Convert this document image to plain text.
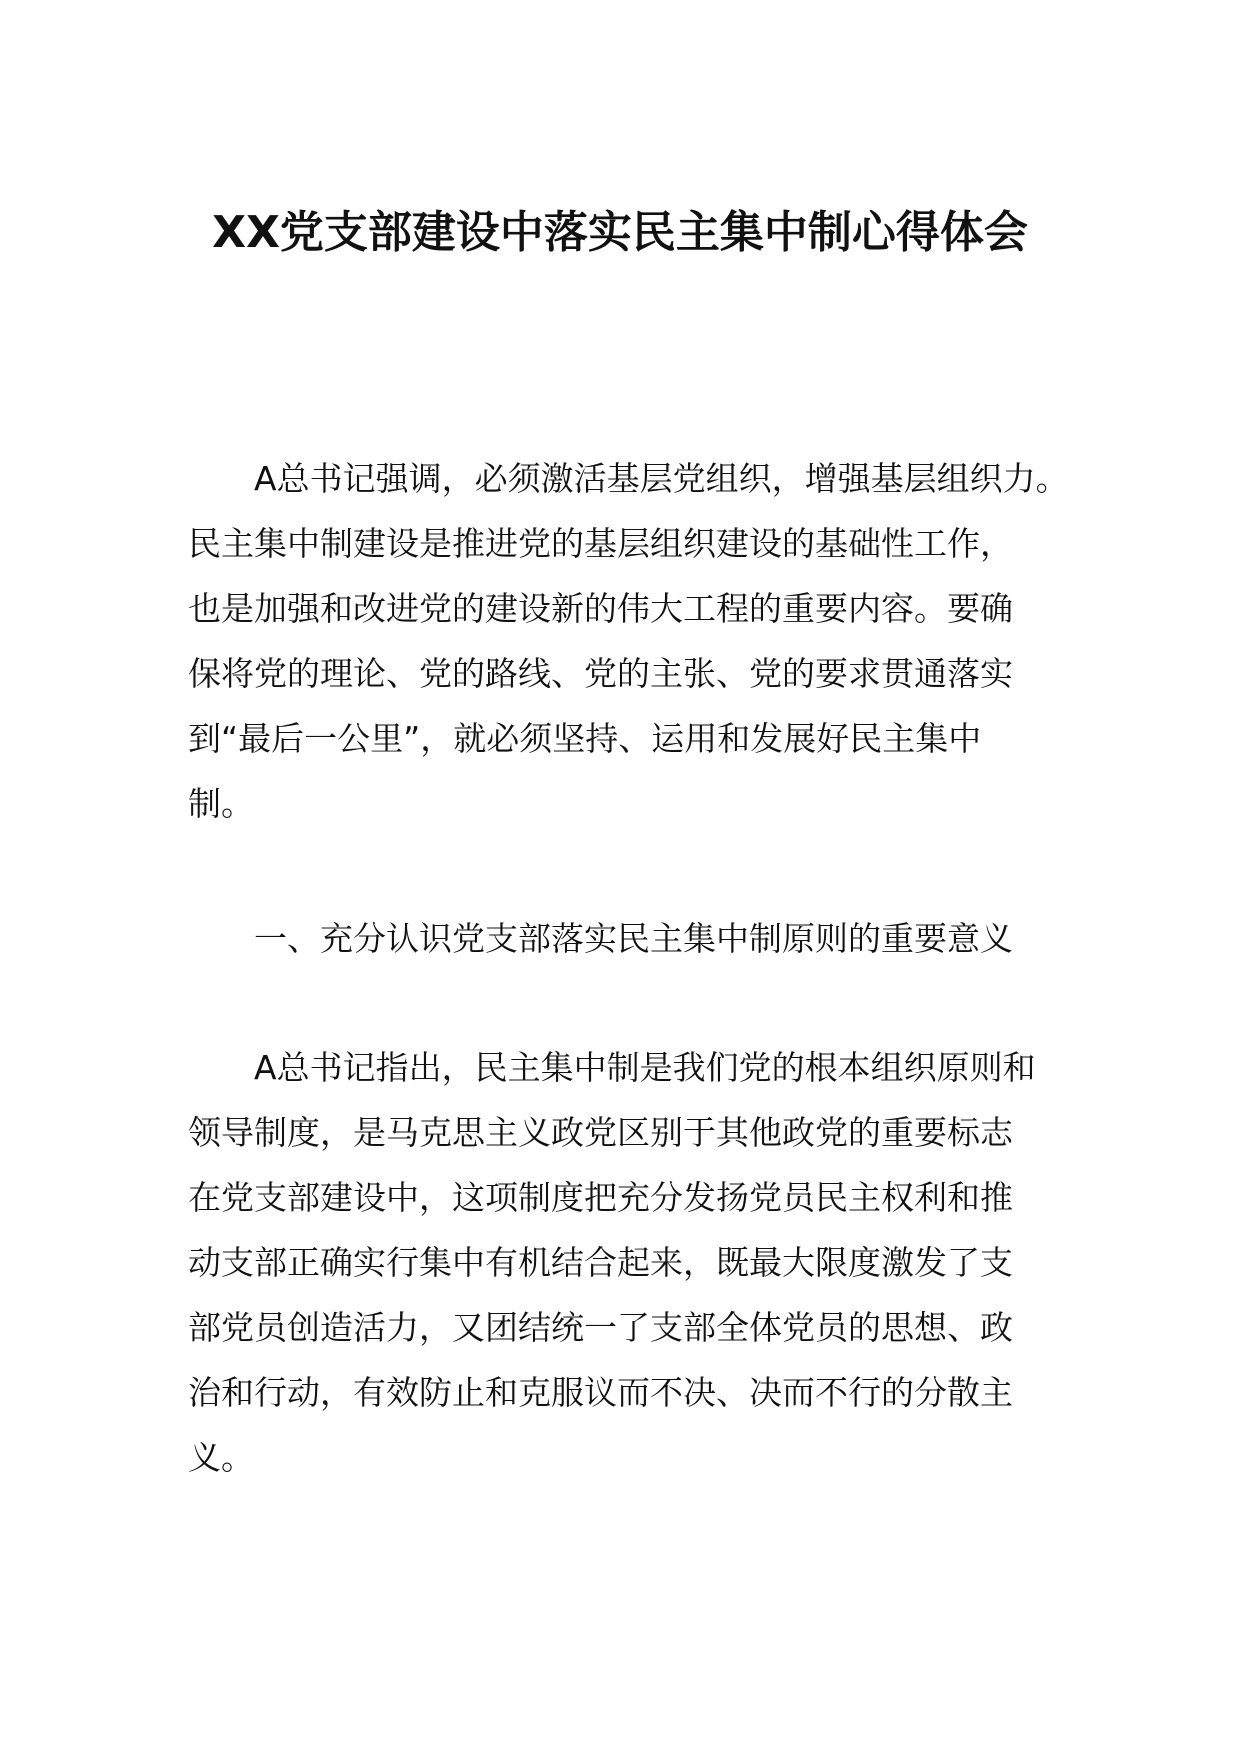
XX党支部建设中落实民主集中制心得体会
A总书记强调，必须激活基层党组织，增强基层组织力。
民主集中制建设是推进党的基层组织建设的基础性工作，
也是加强和改进党的建设新的伟大工程的重要内容。要确
保将党的理论、党的路线、党的主张、党的要求贯通落实
到“最后一公里”，就必须坚持、运用和发展好民主集中
制。
一、充分认识党支部落实民主集中制原则的重要意义
A总书记指出，民主集中制是我们党的根本组织原则和
领导制度，是马克思主义政党区别于其他政党的重要标志
在党支部建设中，这项制度把充分发扬党员民主权利和推
动支部正确实行集中有机结合起来，既最大限度激发了支
部党员创造活力，又团结统一了支部全体党员的思想、政
治和行动，有效防止和克服议而不决、决而不行的分散主
义。
